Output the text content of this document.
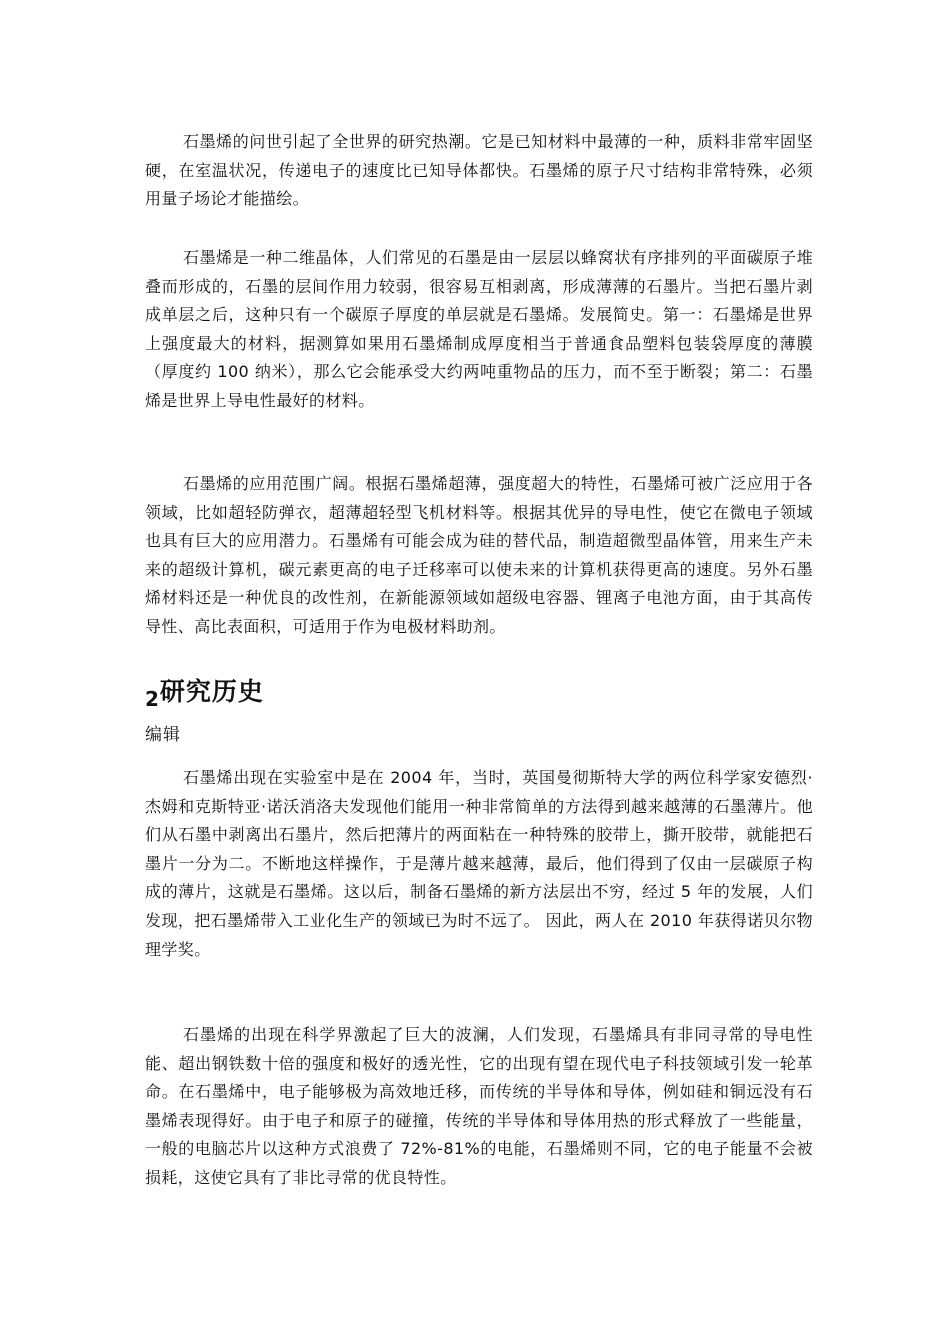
石墨烯的问世引起了全世界的研究热潮。它是已知材料中最薄的一种，质料非常牢固坚硬，在室温状况，传递电子的速度比已知导体都快。石墨烯的原子尺寸结构非常特殊，必须用量子场论才能描绘。

石墨烯是一种二维晶体，人们常见的石墨是由一层层以蜂窝状有序排列的平面碳原子堆叠而形成的，石墨的层间作用力较弱，很容易互相剥离，形成薄薄的石墨片。当把石墨片剥成单层之后，这种只有一个碳原子厚度的单层就是石墨烯。发展简史。第一：石墨烯是世界上强度最大的材料，据测算如果用石墨烯制成厚度相当于普通食品塑料包装袋厚度的薄膜（厚度约 100 纳米），那么它会能承受大约两吨重物品的压力，而不至于断裂；第二：石墨烯是世界上导电性最好的材料。

石墨烯的应用范围广阔。根据石墨烯超薄，强度超大的特性，石墨烯可被广泛应用于各领域，比如超轻防弹衣，超薄超轻型飞机材料等。根据其优异的导电性，使它在微电子领域也具有巨大的应用潜力。石墨烯有可能会成为硅的替代品，制造超微型晶体管，用来生产未来的超级计算机，碳元素更高的电子迁移率可以使未来的计算机获得更高的速度。另外石墨烯材料还是一种优良的改性剂，在新能源领域如超级电容器、锂离子电池方面，由于其高传导性、高比表面积，可适用于作为电极材料助剂。

$_2$研究历史
编辑

石墨烯出现在实验室中是在 2004 年，当时，英国曼彻斯特大学的两位科学家安德烈·杰姆和克斯特亚·诺沃消洛夫发现他们能用一种非常简单的方法得到越来越薄的石墨薄片。他们从石墨中剥离出石墨片，然后把薄片的两面粘在一种特殊的胶带上，撕开胶带，就能把石墨片一分为二。不断地这样操作，于是薄片越来越薄，最后，他们得到了仅由一层碳原子构成的薄片，这就是石墨烯。这以后，制备石墨烯的新方法层出不穷，经过 5 年的发展，人们发现，把石墨烯带入工业化生产的领域已为时不远了。 因此，两人在 2010 年获得诺贝尔物理学奖。

石墨烯的出现在科学界激起了巨大的波澜，人们发现，石墨烯具有非同寻常的导电性能、超出钢铁数十倍的强度和极好的透光性，它的出现有望在现代电子科技领域引发一轮革命。在石墨烯中，电子能够极为高效地迁移，而传统的半导体和导体，例如硅和铜远没有石墨烯表现得好。由于电子和原子的碰撞，传统的半导体和导体用热的形式释放了一些能量，一般的电脑芯片以这种方式浪费了 72%-81%的电能，石墨烯则不同，它的电子能量不会被损耗，这使它具有了非比寻常的优良特性。
